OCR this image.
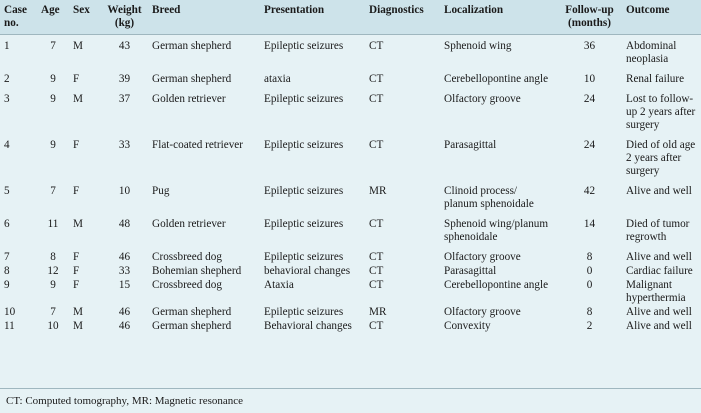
Case no.	Age	Sex	Weight (kg)	Breed	Presentation	Diagnostics	Localization	Follow-up (months)	Outcome
1	7	M	43	German shepherd	Epileptic seizures	CT	Sphenoid wing	36	Abdominal neoplasia
2	9	F	39	German shepherd	ataxia	CT	Cerebellopontine angle	10	Renal failure
3	9	M	37	Golden retriever	Epileptic seizures	CT	Olfactory groove	24	Lost to follow-up 2 years after surgery
4	9	F	33	Flat-coated retriever	Epileptic seizures	CT	Parasagittal	24	Died of old age 2 years after surgery
5	7	F	10	Pug	Epileptic seizures	MR	Clinoid process/ planum sphenoidale	42	Alive and well
6	11	M	48	Golden retriever	Epileptic seizures	CT	Sphenoid wing/planum sphenoidale	14	Died of tumor regrowth
7	8	F	46	Crossbreed dog	Epileptic seizures	CT	Olfactory groove	8	Alive and well
8	12	F	33	Bohemian shepherd	behavioral changes	CT	Parasagittal	0	Cardiac failure
9	9	F	15	Crossbreed dog	Ataxia	CT	Cerebellopontine angle	0	Malignant hyperthermia
10	7	M	46	German shepherd	Epileptic seizures	MR	Olfactory groove	8	Alive and well
11	10	M	46	German shepherd	Behavioral changes	CT	Convexity	2	Alive and well
CT: Computed tomography, MR: Magnetic resonance
